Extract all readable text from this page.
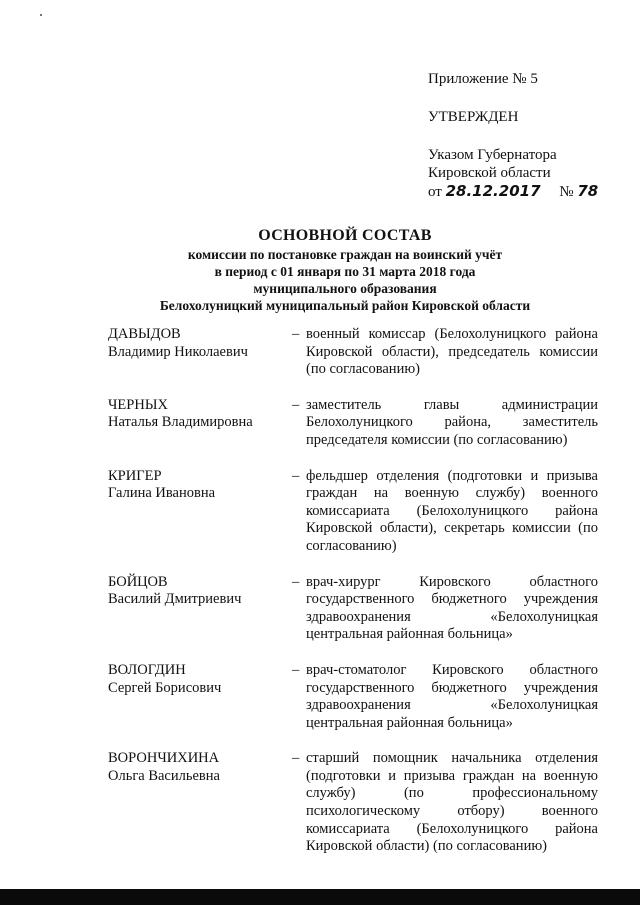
Приложение № 5
УТВЕРЖДЕН
Указом Губернатора
Кировской области
от 28.12.2017 № 78
ОСНОВНОЙ СОСТАВ
комиссии по постановке граждан на воинский учёт
в период с 01 января по 31 марта 2018 года
муниципального образования
Белохолуницкий муниципальный район Кировской области
ДАВЫДОВ
Владимир Николаевич
– военный комиссар (Белохолуницкого района Кировской области), председатель комиссии (по согласованию)
ЧЕРНЫХ
Наталья Владимировна
– заместитель главы администрации Белохолуницкого района, заместитель председателя комиссии (по согласованию)
КРИГЕР
Галина Ивановна
– фельдшер отделения (подготовки и призыва граждан на военную службу) военного комиссариата (Белохолуницкого района Кировской области), секретарь комиссии (по согласованию)
БОЙЦОВ
Василий Дмитриевич
– врач-хирург Кировского областного государственного бюджетного учреждения здравоохранения «Белохолуницкая центральная районная больница»
ВОЛОГДИН
Сергей Борисович
– врач-стоматолог Кировского областного государственного бюджетного учреждения здравоохранения «Белохолуницкая центральная районная больница»
ВОРОНЧИХИНА
Ольга Васильевна
– старший помощник начальника отделения (подготовки и призыва граждан на военную службу) (по профессиональному психологическому отбору) военного комиссариата (Белохолуницкого района Кировской области) (по согласованию)
